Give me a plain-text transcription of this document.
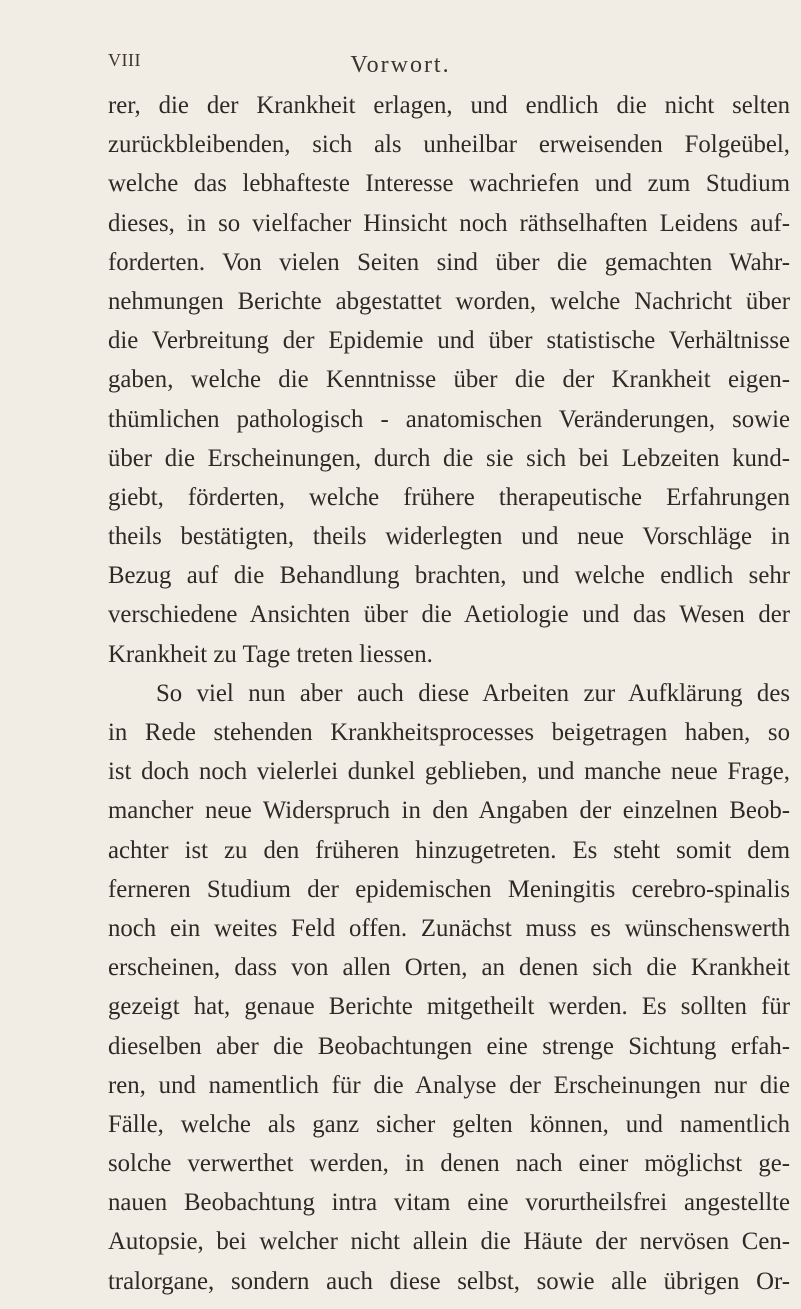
VIII	Vorwort.
rer, die der Krankheit erlagen, und endlich die nicht selten
zurückbleibenden, sich als unheilbar erweisenden Folgeübel,
welche das lebhafteste Interesse wachriefen und zum Studium
dieses, in so vielfacher Hinsicht noch räthselhaften Leidens auf-
forderten. Von vielen Seiten sind über die gemachten Wahr-
nehmungen Berichte abgestattet worden, welche Nachricht über
die Verbreitung der Epidemie und über statistische Verhältnisse
gaben, welche die Kenntnisse über die der Krankheit eigen-
thümlichen pathologisch - anatomischen Veränderungen, sowie
über die Erscheinungen, durch die sie sich bei Lebzeiten kund-
giebt, förderten, welche frühere therapeutische Erfahrungen
theils bestätigten, theils widerlegten und neue Vorschläge in
Bezug auf die Behandlung brachten, und welche endlich sehr
verschiedene Ansichten über die Aetiologie und das Wesen der
Krankheit zu Tage treten liessen.
So viel nun aber auch diese Arbeiten zur Aufklärung des
in Rede stehenden Krankheitsprocesses beigetragen haben, so
ist doch noch vielerlei dunkel geblieben, und manche neue Frage,
mancher neue Widerspruch in den Angaben der einzelnen Beob-
achter ist zu den früheren hinzugetreten. Es steht somit dem
ferneren Studium der epidemischen Meningitis cerebro-spinalis
noch ein weites Feld offen. Zunächst muss es wünschenswerth
erscheinen, dass von allen Orten, an denen sich die Krankheit
gezeigt hat, genaue Berichte mitgetheilt werden. Es sollten für
dieselben aber die Beobachtungen eine strenge Sichtung erfah-
ren, und namentlich für die Analyse der Erscheinungen nur die
Fälle, welche als ganz sicher gelten können, und namentlich
solche verwerthet werden, in denen nach einer möglichst ge-
nauen Beobachtung intra vitam eine vorurtheilsfrei angestellte
Autopsie, bei welcher nicht allein die Häute der nervösen Cen-
tralorgane, sondern auch diese selbst, sowie alle übrigen Or-
